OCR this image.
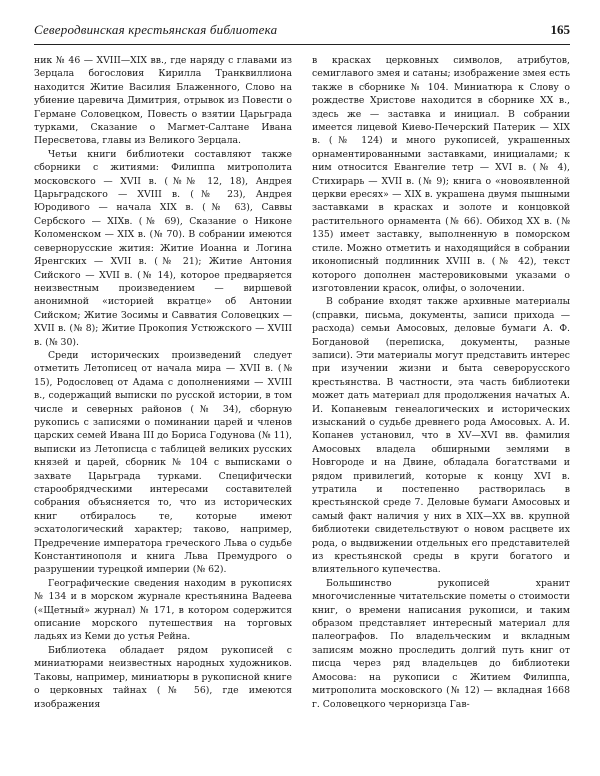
Северодвинская крестьянская библиотека	165

ник № 46 — XVIII—XIX вв., где наряду с главами из Зерцала богословия Кирилла Транквиллиона находится Житие Василия Блаженного, Слово на убиение царевича Димитрия, отрывок из Повести о Германе Соловецком, Повесть о взятии Царьграда турками, Сказание о Магмет-Салтане Ивана Пересветова, главы из Великого Зерцала.

Четьи книги библиотеки составляют также сборники с житиями: Филиппа митрополита московского — XVII в. (№№ 12, 18), Андрея Царьградского — XVIII в. (№ 23), Андрея Юродивого — начала XIX в. (№ 63), Саввы Сербского — XIXв. (№ 69), Сказание о Никоне Коломенском — XIX в. (№ 70). В собрании имеются севернорусские жития: Житие Иоанна и Логина Яренгских — XVII в. (№ 21); Житие Антония Сийского — XVII в. (№ 14), которое предваряется неизвестным произведением — виршевой анонимной «историей вкратце» об Антонии Сийском; Житие Зосимы и Савватия Соловецких — XVII в. (№ 8); Житие Прокопия Устюжского — XVIII в. (№ 30).

Среди исторических произведений следует отметить Летописец от начала мира — XVII в. (№ 15), Родословец от Адама с дополнениями — XVIII в., содержащий выписки по русской истории, в том числе и северных районов (№ 34), сборную рукопись с записями о поминании царей и членов царских семей Ивана III до Бориса Годунова (№ 11), выписки из Летописца с таблицей великих русских князей и царей, сборник № 104 с выписками о захвате Царьграда турками. Специфически старообрядческими интересами составителей собрания объясняется то, что из исторических книг отбиралось те, которые имеют эсхатологический характер; таково, например, Предречение императора греческого Льва о судьбе Константинополя и книга Льва Премудрого о разрушении турецкой империи (№ 62).

Географические сведения находим в рукописях № 134 и в морском журнале крестьянина Вадеева («Щетный» журнал) № 171, в котором содержится описание морского путешествия на торговых ладьях из Кеми до устья Рейна.

Библиотека обладает рядом рукописей с миниатюрами неизвестных народных художников. Таковы, например, миниатюры в рукописной книге о церковных тайнах (№ 56), где имеются изображения

в красках церковных символов, атрибутов, семиглавого змея и сатаны; изображение змея есть также в сборнике № 104. Миниатюра к Слову о рождестве Христове находится в сборнике XX в., здесь же — заставка и инициал. В собрании имеется лицевой Киево-Печерский Патерик — XIX в. (№ 124) и много рукописей, украшенных орнаментированными заставками, инициалами; к ним относится Евангелие тетр — XVI в. (№ 4), Стихирарь — XVII в. (№ 9); книга о «новоявленной церкви ересях» — XIX в. украшена двумя пышными заставками в красках и золоте и концовкой растительного орнамента (№ 66). Обиход XX в. (№ 135) имеет заставку, выполненную в поморском стиле. Можно отметить и находящийся в собрании иконописный подлинник XVIII в. (№ 42), текст которого дополнен мастеровиковыми указами о изготовлении красок, олифы, о золочении.

В собрание входят также архивные материалы (справки, письма, документы, записи прихода — расхода) семьи Амосовых, деловые бумаги А. Ф. Богдановой (переписка, документы, разные записи). Эти материалы могут представить интерес при изучении жизни и быта северорусского крестьянства. В частности, эта часть библиотеки может дать материал для продолжения начатых А. И. Копаневым генеалогических и исторических изысканий о судьбе древнего рода Амосовых. А. И. Копанев установил, что в XV—XVI вв. фамилия Амосовых владела обширными землями в Новгороде и на Двине, обладала богатствами и рядом привилегий, которые к концу XVI в. утратила и постепенно растворилась в крестьянской среде 7. Деловые бумаги Амосовых и самый факт наличия у них в XIX—XX вв. крупной библиотеки свидетельствуют о новом расцвете их рода, о выдвижении отдельных его представителей из крестьянской среды в круги богатого и влиятельного купечества.

Большинство рукописей хранит многочисленные читательские пометы о стоимости книг, о времени написания рукописи, и таким образом представляет интересный материал для палеографов. По владельческим и вкладным записям можно проследить долгий путь книг от писца через ряд владельцев до библиотеки Амосова: на рукописи с Житием Филиппа, митрополита московского (№ 12) — вкладная 1668 г. Соловецкого черноризца Гав-
